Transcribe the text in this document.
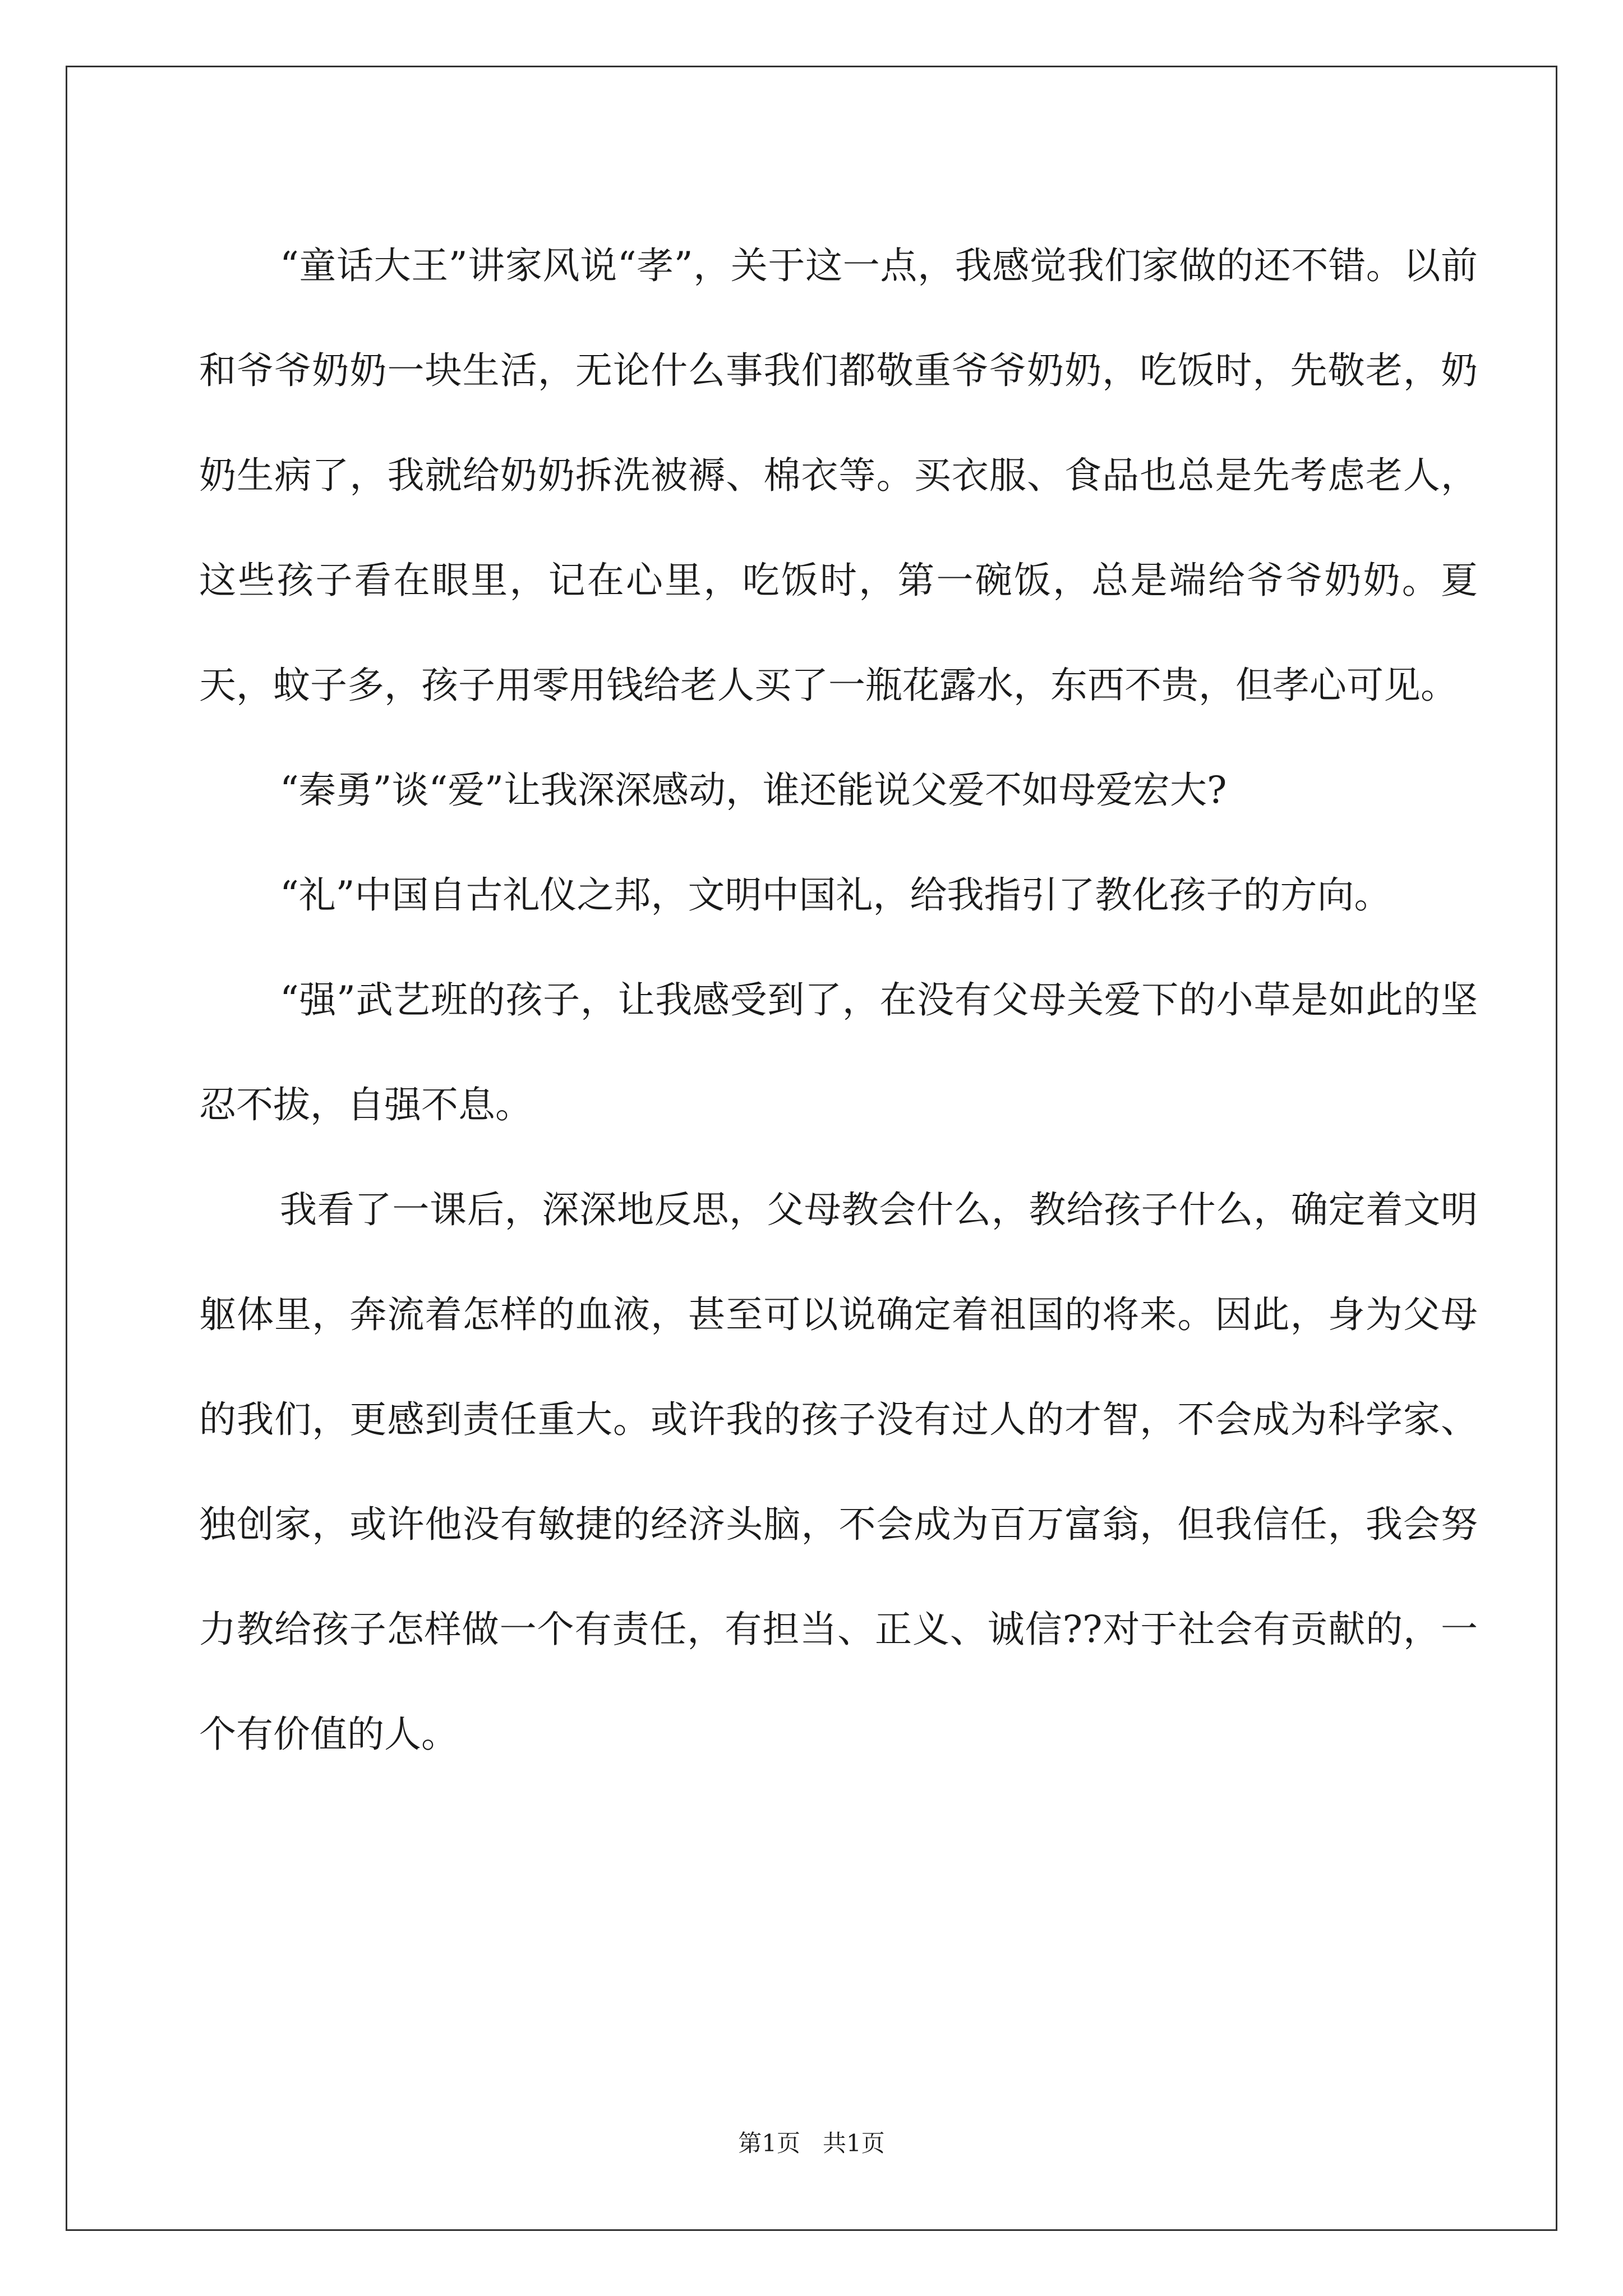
“童话大王”讲家风说“孝”，关于这一点，我感觉我们家做的还不错。以前和爷爷奶奶一块生活，无论什么事我们都敬重爷爷奶奶，吃饭时，先敬老，奶奶生病了，我就给奶奶拆洗被褥、棉衣等。买衣服、食品也总是先考虑老人，这些孩子看在眼里，记在心里，吃饭时，第一碗饭，总是端给爷爷奶奶。夏天，蚊子多，孩子用零用钱给老人买了一瓶花露水，东西不贵，但孝心可见。

“秦勇”谈“爱”让我深深感动，谁还能说父爱不如母爱宏大?

“礼”中国自古礼仪之邦，文明中国礼，给我指引了教化孩子的方向。

“强”武艺班的孩子，让我感受到了，在没有父母关爱下的小草是如此的坚忍不拔，自强不息。

我看了一课后，深深地反思，父母教会什么，教给孩子什么，确定着文明躯体里，奔流着怎样的血液，甚至可以说确定着祖国的将来。因此，身为父母的我们，更感到责任重大。或许我的孩子没有过人的才智，不会成为科学家、独创家，或许他没有敏捷的经济头脑，不会成为百万富翁，但我信任，我会努力教给孩子怎样做一个有责任，有担当、正义、诚信??对于社会有贡献的，一个有价值的人。

第1页   共1页
